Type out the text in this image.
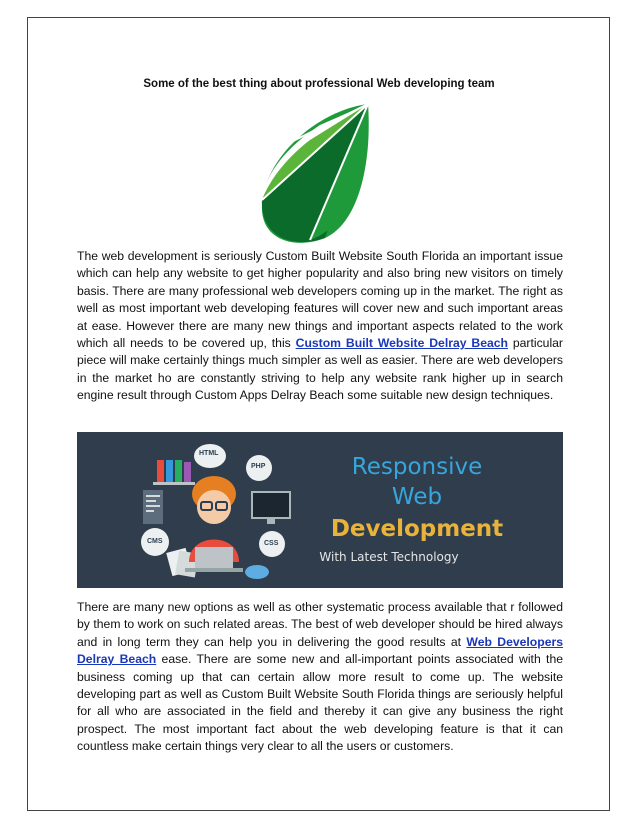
Some of the best thing about professional Web developing team

The web development is seriously Custom Built Website South Florida an important issue which can help any website to get higher popularity and also bring new visitors on timely basis. There are many professional web developers coming up in the market. The right as well as most important web developing features will cover new and such important areas at ease. However there are many new things and important aspects related to the work which all needs to be covered up, this Custom Built Website Delray Beach particular piece will make certainly things much simpler as well as easier. There are web developers in the market ho are constantly striving to help any website rank higher up in search engine result through Custom Apps Delray Beach some suitable new design techniques.

HTML
PHP
CMS	CSS
Responsive
Web
Development
With Latest Technology

There are many new options as well as other systematic process available that r followed by them to work on such related areas. The best of web developer should be hired always and in long term they can help you in delivering the good results at Web Developers Delray Beach ease. There are some new and all-important points associated with the business coming up that can certain allow more result to come up. The website developing part as well as Custom Built Website South Florida things are seriously helpful for all who are associated in the field and thereby it can give any business the right prospect. The most important fact about the web developing feature is that it can countless make certain things very clear to all the users or customers.
